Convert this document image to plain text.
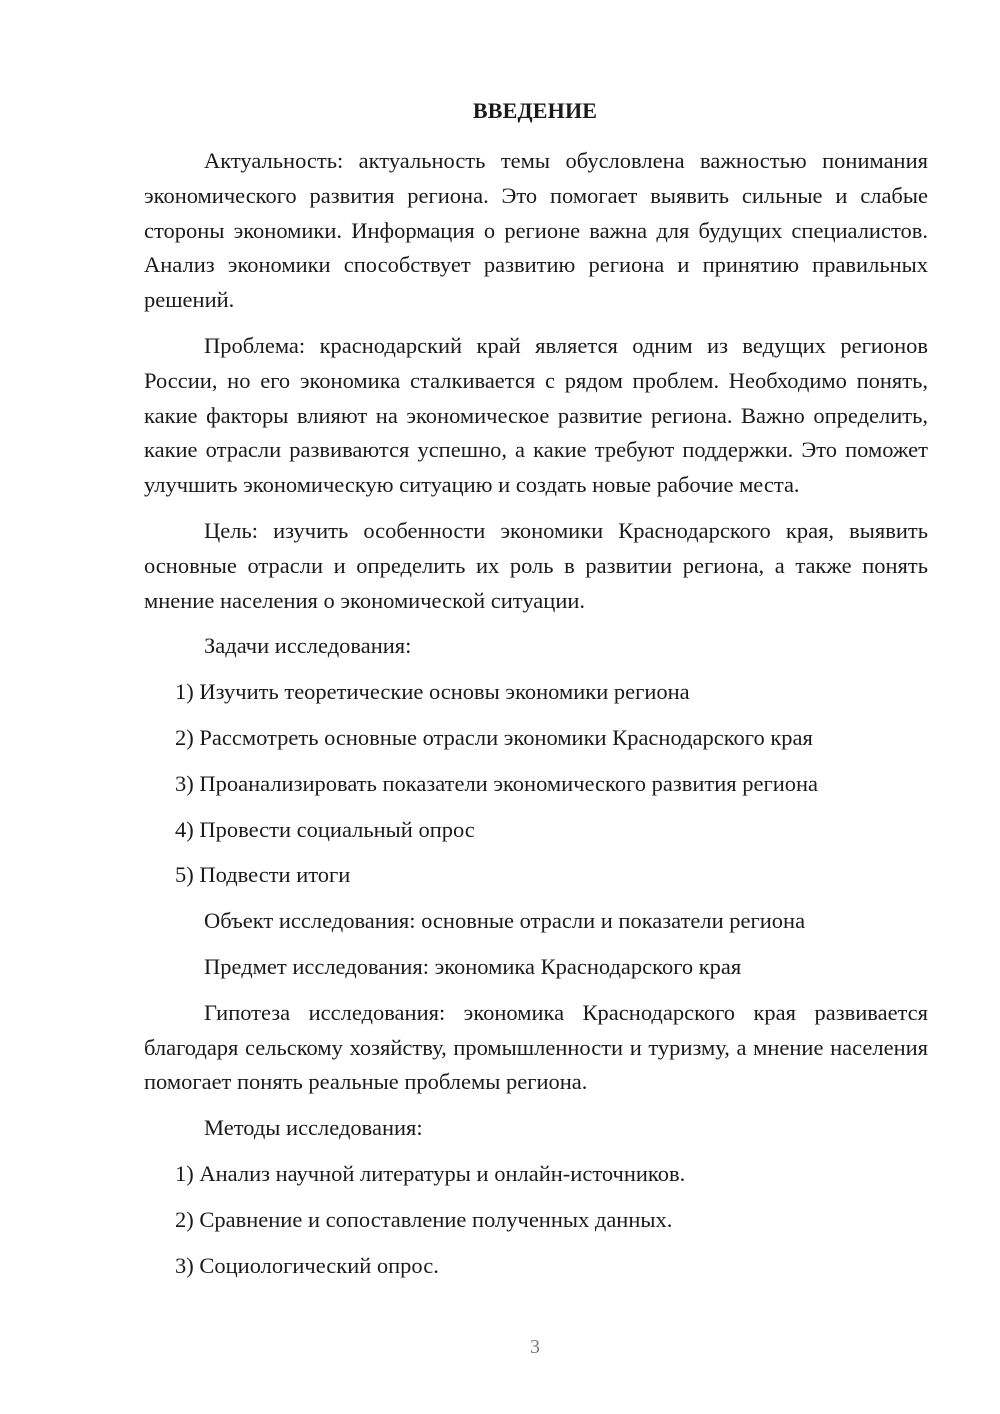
ВВЕДЕНИЕ

Актуальность: актуальность темы обусловлена важностью понимания экономического развития региона. Это помогает выявить сильные и слабые стороны экономики. Информация о регионе важна для будущих специалистов. Анализ экономики способствует развитию региона и принятию правильных решений.

Проблема: краснодарский край является одним из ведущих регионов России, но его экономика сталкивается с рядом проблем. Необходимо понять, какие факторы влияют на экономическое развитие региона. Важно определить, какие отрасли развиваются успешно, а какие требуют поддержки. Это поможет улучшить экономическую ситуацию и создать новые рабочие места.

Цель: изучить особенности экономики Краснодарского края, выявить основные отрасли и определить их роль в развитии региона, а также понять мнение населения о экономической ситуации.

Задачи исследования:
1) Изучить теоретические основы экономики региона
2) Рассмотреть основные отрасли экономики Краснодарского края
3) Проанализировать показатели экономического развития региона
4) Провести социальный опрос
5) Подвести итоги
Объект исследования: основные отрасли и показатели региона
Предмет исследования: экономика Краснодарского края

Гипотеза исследования: экономика Краснодарского края развивается благодаря сельскому хозяйству, промышленности и туризму, а мнение населения помогает понять реальные проблемы региона.

Методы исследования:
1) Анализ научной литературы и онлайн-источников.
2) Сравнение и сопоставление полученных данных.
3) Социологический опрос.
3
